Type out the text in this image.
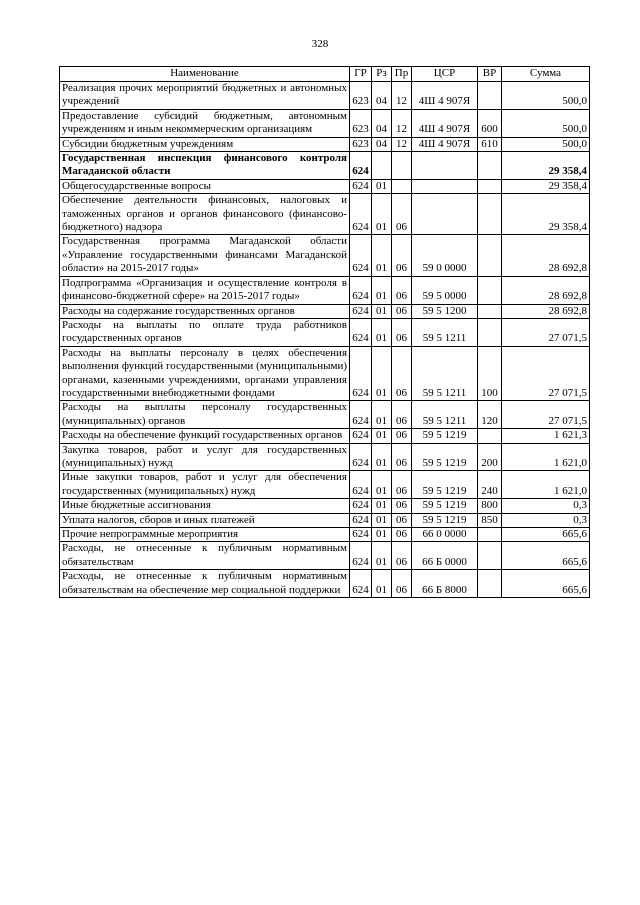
328
Наименование	ГР	Рз	Пр	ЦСР	ВР	Сумма
Реализация прочих мероприятий бюджетных и автономных учреждений	623	04	12	4Ш 4 907Я		500,0
Предоставление субсидий бюджетным, автономным учреждениям и иным некоммерческим организациям	623	04	12	4Ш 4 907Я	600	500,0
Субсидии бюджетным учреждениям	623	04	12	4Ш 4 907Я	610	500,0
Государственная инспекция финансового контроля Магаданской области	624					29 358,4
Общегосударственные вопросы	624	01				29 358,4
Обеспечение деятельности финансовых, налоговых и таможенных органов и органов финансового (финансово-бюджетного) надзора	624	01	06			29 358,4
Государственная программа Магаданской области «Управление государственными финансами Магаданской области» на 2015-2017 годы»	624	01	06	59 0 0000		28 692,8
Подпрограмма «Организация и осуществление контроля в финансово-бюджетной сфере» на 2015-2017 годы»	624	01	06	59 5 0000		28 692,8
Расходы на содержание государственных органов	624	01	06	59 5 1200		28 692,8
Расходы на выплаты по оплате труда работников государственных органов	624	01	06	59 5 1211		27 071,5
Расходы на выплаты персоналу в целях обеспечения выполнения функций государственными (муниципальными) органами, казенными учреждениями, органами управления государственными внебюджетными фондами	624	01	06	59 5 1211	100	27 071,5
Расходы на выплаты персоналу государственных (муниципальных) органов	624	01	06	59 5 1211	120	27 071,5
Расходы на обеспечение функций государственных органов	624	01	06	59 5 1219		1 621,3
Закупка товаров, работ и услуг для государственных (муниципальных) нужд	624	01	06	59 5 1219	200	1 621,0
Иные закупки товаров, работ и услуг для обеспечения государственных (муниципальных) нужд	624	01	06	59 5 1219	240	1 621,0
Иные бюджетные ассигнования	624	01	06	59 5 1219	800	0,3
Уплата налогов, сборов и иных платежей	624	01	06	59 5 1219	850	0,3
Прочие непрограммные мероприятия	624	01	06	66 0 0000		665,6
Расходы, не отнесенные к публичным нормативным обязательствам	624	01	06	66 Б 0000		665,6
Расходы, не отнесенные к публичным нормативным обязательствам на обеспечение мер социальной поддержки	624	01	06	66 Б 8000		665,6
